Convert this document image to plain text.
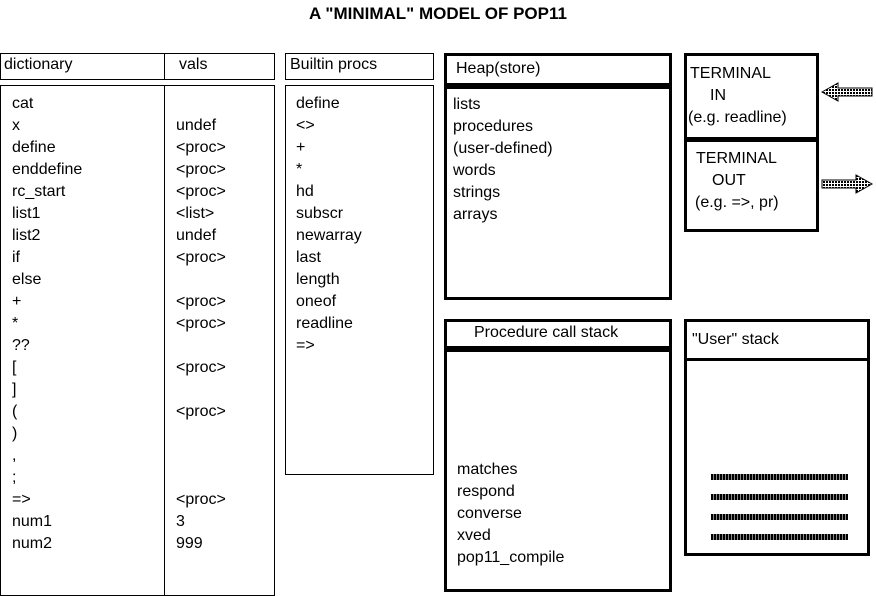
A "MINIMAL" MODEL OF POP11
dictionary	vals
cat
x
define
enddefine
rc_start
list1
list2
if
else
+
*
??
[
]
(
)
,
;
=>
num1
num2
undef
<proc>
<proc>
<proc>
<list>
undef
<proc>
<proc>
<proc>
<proc>
<proc>
<proc>
3
999
Builtin procs
define
<>
+
*
hd
subscr
newarray
last
length
oneof
readline
=>
Heap(store)
lists
procedures
(user-defined)
words
strings
arrays
TERMINAL
IN
(e.g. readline)
TERMINAL
OUT
(e.g. =>, pr)
Procedure call stack
matches
respond
converse
xved
pop11_compile
"User" stack
